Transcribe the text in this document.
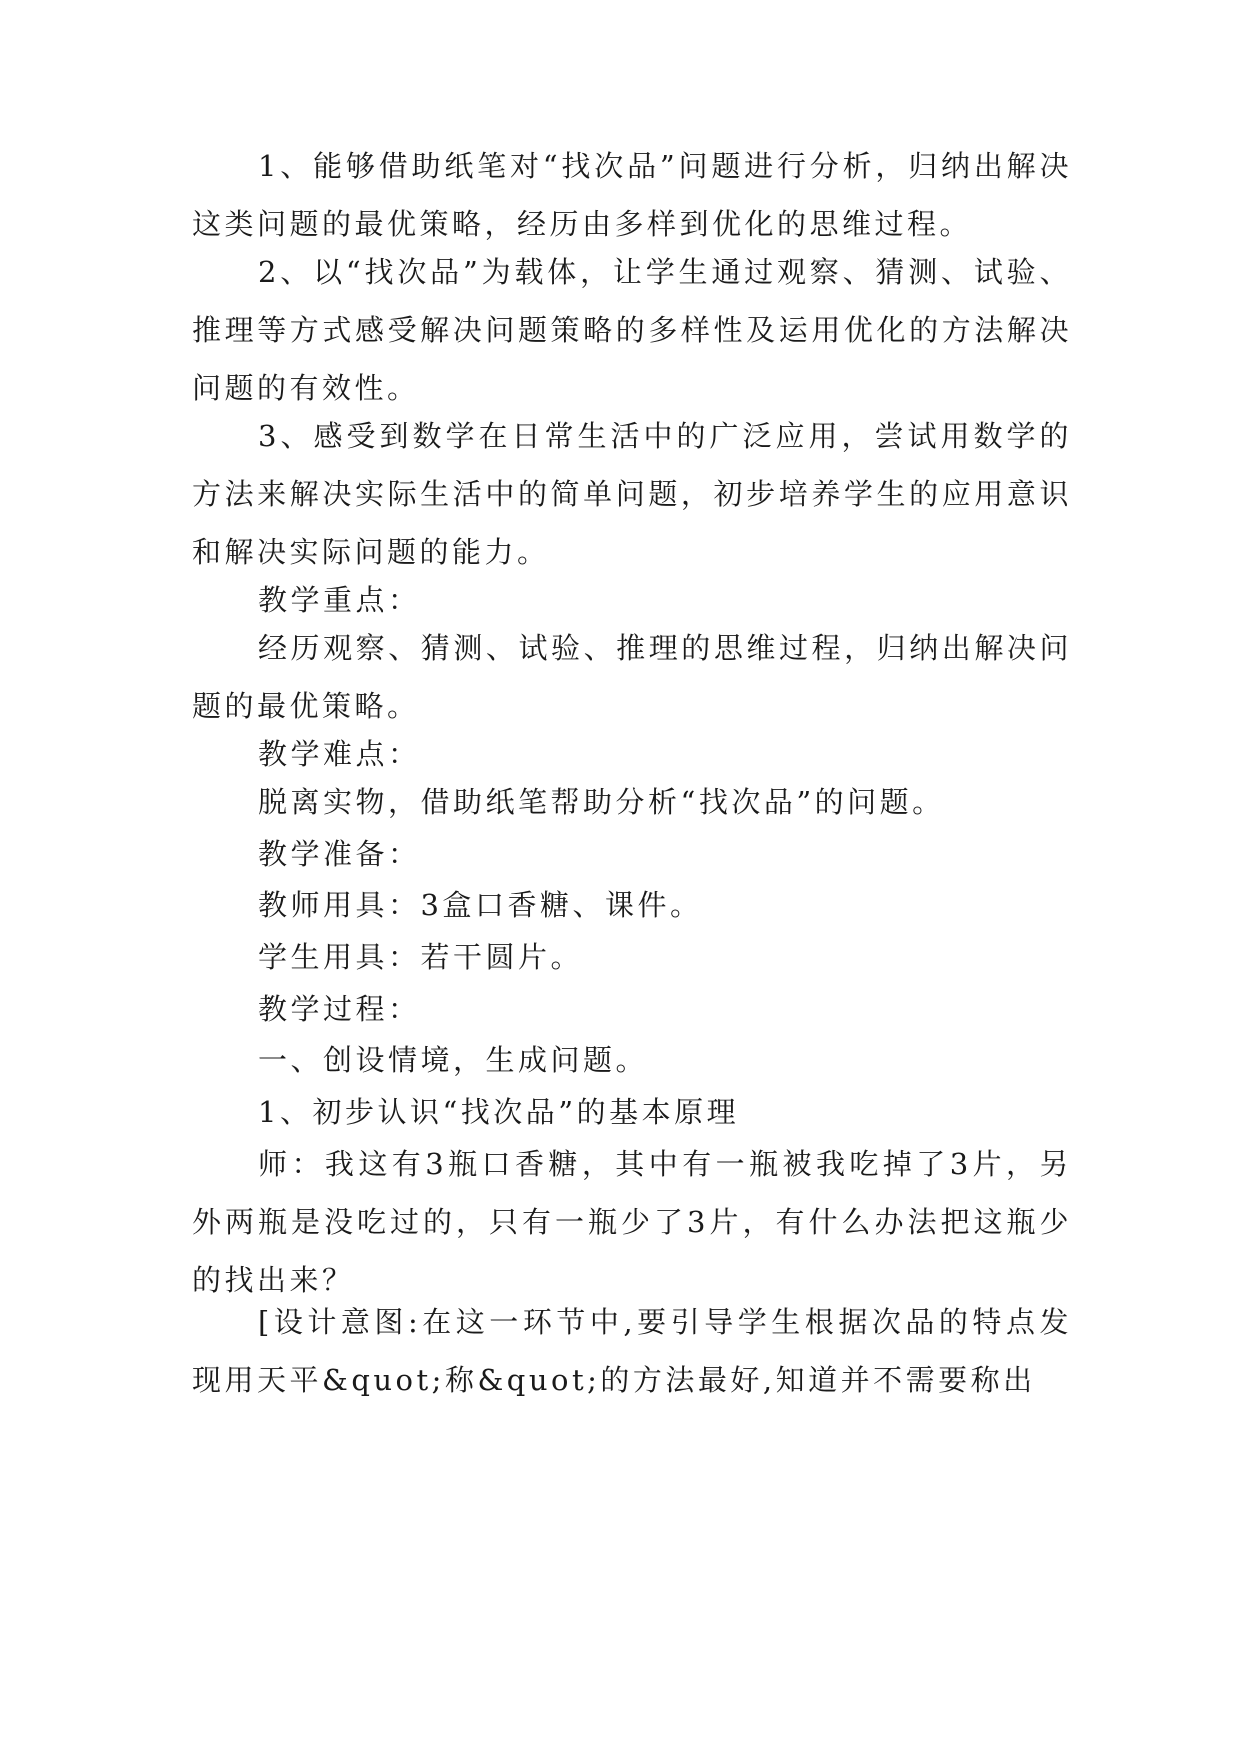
1、能够借助纸笔对“找次品”问题进行分析，归纳出解决这类问题的最优策略，经历由多样到优化的思维过程。

2、以“找次品”为载体，让学生通过观察、猜测、试验、推理等方式感受解决问题策略的多样性及运用优化的方法解决问题的有效性。

3、感受到数学在日常生活中的广泛应用，尝试用数学的方法来解决实际生活中的简单问题，初步培养学生的应用意识和解决实际问题的能力。

教学重点：

经历观察、猜测、试验、推理的思维过程，归纳出解决问题的最优策略。

教学难点：

脱离实物，借助纸笔帮助分析“找次品”的问题。

教学准备：

教师用具：3盒口香糖、课件。

学生用具：若干圆片。

教学过程：

一、创设情境，生成问题。

1、初步认识“找次品”的基本原理

师：我这有3瓶口香糖，其中有一瓶被我吃掉了3片，另外两瓶是没吃过的，只有一瓶少了3片，有什么办法把这瓶少的找出来？

[设计意图:在这一环节中,要引导学生根据次品的特点发现用天平&quot;称&quot;的方法最好,知道并不需要称出
